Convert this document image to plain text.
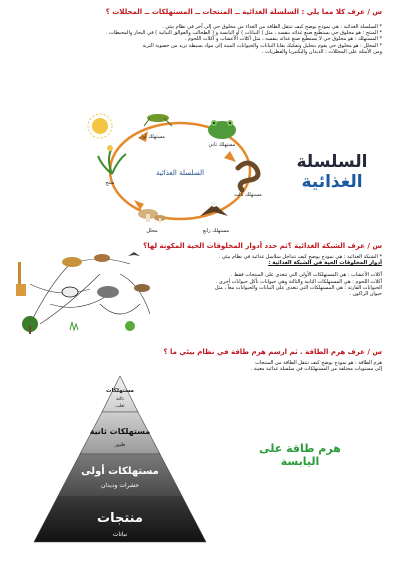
س / عرف كلا مما يلي : السلسلة الغذائية ــ المنتجات ــ المستهلكات ــ المحللات ؟
* السلسلة الغذائية : هي نموذج يوضح كيف تنتقل الطاقة من الغذاء من مخلوق حي إلى آخر في نظام بيئي .
* المنتج : هو مخلوق حي يستطيع صنع غذائه بنفسه ، مثل ( النباتات ) أو اليابسة و ( الطحالب والعوالق النباتية ) في البحار والمحيطات .
* المستهلك : هو مخلوق حي لا يستطيع صنع غذائه بنفسه ، مثل أكلات الأعشاب و آكلات اللحوم .
* المحلل : هو مخلوق حي يقوم بتحليل وتفكيك بقايا النباتات والحيوانات الميتة إلى مواد بسيطة تزيد من خصوبة التربة
ومن الأمثلة على المحللات : الديدان والبكتيريا والفطريات .
السلسلة الغذائية
مستهلك أول
مستهلك ثاني
مستهلك ثالث
منتج
محلل	مستهلك رابع
السلسلة
الغذائية
س / عرف الشبكة الغذائية ؟ثم حدد أدوار المخلوقات الحية المكونة لها؟
* الشبكة الغذائية : هي نموذج يوضح كيف تتداخل سلاسل غذائية في نظام بيئي .
أدوار المخلوقات الحية في الشبكة الغذائية :
آكلات الأعشاب : هي المستهلكات الأولى التي تتغذى على المنتجات فقط .
آكلات اللحوم : هي المستهلكات الثانية والثالثة وهي حيوانات تأكل حيوانات أخرى .
الحيوانات القارتة : هي المستهلكات التي تتغذى على النباتات والحيوانات معاً ، مثل
حيوان الراكون .
س / عرف هرم الطاقة . ثم ارسم هرم طاقة في نظام بيئي ما ؟
هرم الطاقة : هو نموذج يوضح كيف تنتقل الطاقة من المنتجات
إلى مستويات مختلفة من المستهلكات في سلسلة غذائية معينة .
هرم طاقة على اليابسة
مستهلكات
ثالثة
ثعلب
مستهلكات ثانية
طيور
مستهلكات أولى
حشرات وديدان
منتجات
نباتات
